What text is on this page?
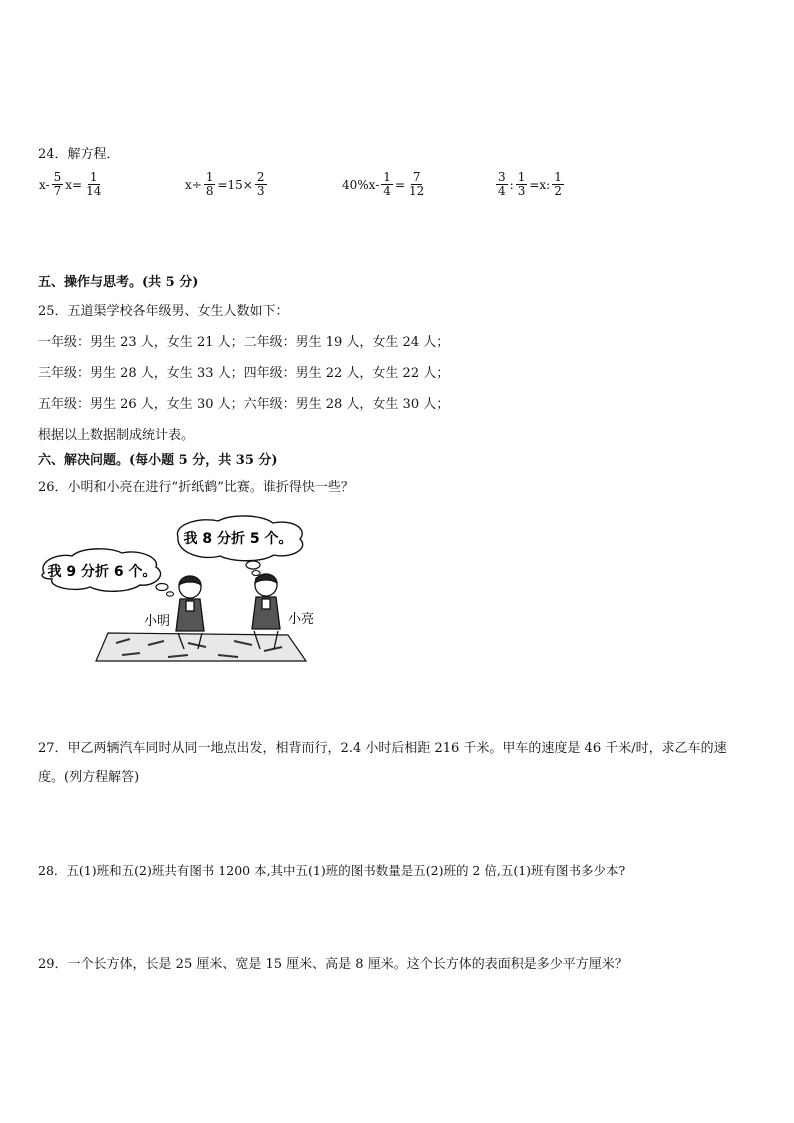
24．解方程．
$x- \frac{5}{7} x= \frac{1}{14}$	$x\div \frac{1}{8} =15\times \frac{2}{3}$	$40\%x- \frac{1}{4} = \frac{7}{12}$	$\frac{3}{4}$ : $\frac{1}{3} =x$: $\frac{1}{2}$
五、操作与思考。(共 5 分)
25．五道渠学校各年级男、女生人数如下：
一年级：男生 23 人，女生 21 人；二年级：男生 19 人，女生 24 人；
三年级：男生 28 人，女生 33 人；四年级：男生 22 人，女生 22 人；
五年级：男生 26 人，女生 30 人；六年级：男生 28 人，女生 30 人；
根据以上数据制成统计表。
六、解决问题。(每小题 5 分，共 35 分)
26．小明和小亮在进行“折纸鹤”比赛。谁折得快一些？
我 8 分折 5 个。
我 9 分折 6 个。
小明	小亮
27．甲乙两辆汽车同时从同一地点出发，相背而行，2.4 小时后相距 216 千米。甲车的速度是 46 千米/时，求乙车的速
度。(列方程解答)
28．五(1)班和五(2)班共有图书 1200 本,其中五(1)班的图书数量是五(2)班的 2 倍,五(1)班有图书多少本?
29．一个长方体，长是 25 厘米、宽是 15 厘米、高是 8 厘米。这个长方体的表面积是多少平方厘米？
